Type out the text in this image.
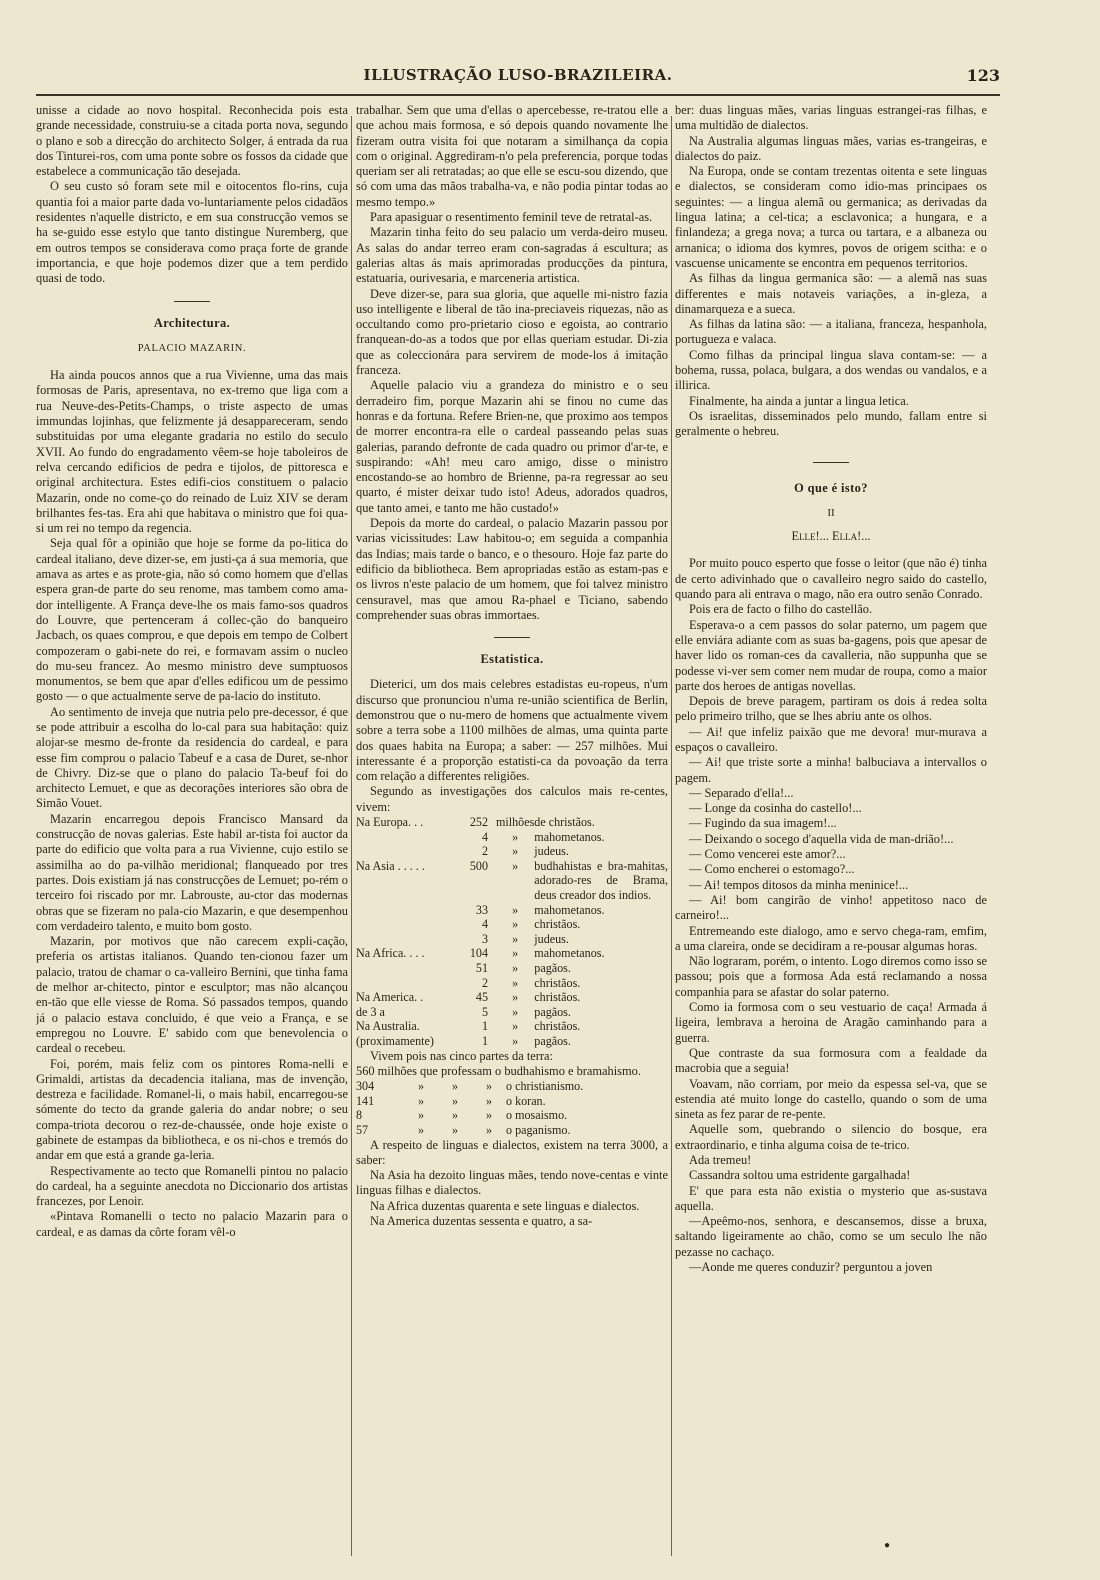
ILLUSTRAÇÃO LUSO-BRAZILEIRA.	123

unisse a cidade ao novo hospital. Reconhecida pois esta grande necessidade, construiu-se a citada porta nova, segundo o plano e sob a direcção do architecto Solger, á entrada da rua dos Tinturei-ros, com uma ponte sobre os fossos da cidade que estabelece a communicação tão desejada.

O seu custo só foram sete mil e oitocentos flo-rins, cuja quantia foi a maior parte dada vo-luntariamente pelos cidadãos residentes n'aquelle districto, e em sua construcção vemos se ha se-guido esse estylo que tanto distingue Nuremberg, que em outros tempos se considerava como praça forte de grande importancia, e que hoje podemos dizer que a tem perdido quasi de todo.

Architectura.
PALACIO MAZARIN.

Ha ainda poucos annos que a rua Vivienne, uma das mais formosas de Paris, apresentava, no ex-tremo que liga com a rua Neuve-des-Petits-Champs, o triste aspecto de umas immundas lojinhas, que felizmente já desappareceram, sendo substituidas por uma elegante gradaria no estilo do seculo XVII. Ao fundo do engradamento vêem-se hoje taboleiros de relva cercando edificios de pedra e tijolos, de pittoresca e original architectura. Estes edifi-cios constituem o palacio Mazarin, onde no come-ço do reinado de Luiz XIV se deram brilhantes fes-tas. Era ahi que habitava o ministro que foi qua-si um rei no tempo da regencia.

Seja qual fôr a opinião que hoje se forme da po-litica do cardeal italiano, deve dizer-se, em justi-ça á sua memoria, que amava as artes e as prote-gia, não só como homem que d'ellas espera gran-de parte do seu renome, mas tambem como ama-dor intelligente. A França deve-lhe os mais famo-sos quadros do Louvre, que pertenceram á collec-ção do banqueiro Jacbach, os quaes comprou, e que depois em tempo de Colbert compozeram o gabi-nete do rei, e formavam assim o nucleo do mu-seu francez. Ao mesmo ministro deve sumptuosos monumentos, se bem que apar d'elles edificou um de pessimo gosto — o que actualmente serve de pa-lacio do instituto.

Ao sentimento de inveja que nutria pelo pre-decessor, é que se pode attribuir a escolha do lo-cal para sua habitação: quiz alojar-se mesmo de-fronte da residencia do cardeal, e para esse fim comprou o palacio Tabeuf e a casa de Duret, se-nhor de Chivry. Diz-se que o plano do palacio Ta-beuf foi do architecto Lemuet, e que as decorações interiores são obra de Simão Vouet.

Mazarin encarregou depois Francisco Mansard da construcção de novas galerias. Este habil ar-tista foi auctor da parte do edificio que volta para a rua Vivienne, cujo estilo se assimilha ao do pa-vilhão meridional; flanqueado por tres partes. Dois existiam já nas construcções de Lemuet; po-rém o terceiro foi riscado por mr. Labrouste, au-ctor das modernas obras que se fizeram no pala-cio Mazarin, e que desempenhou com verdadeiro talento, e muito bom gosto.

Mazarin, por motivos que não carecem expli-cação, preferia os artistas italianos. Quando ten-cionou fazer um palacio, tratou de chamar o ca-valleiro Bernini, que tinha fama de melhor ar-chitecto, pintor e esculptor; mas não alcançou en-tão que elle viesse de Roma. Só passados tempos, quando já o palacio estava concluido, é que veio a França, e se empregou no Louvre. E' sabido com que benevolencia o cardeal o recebeu.

Foi, porém, mais feliz com os pintores Roma-nelli e Grimaldi, artistas da decadencia italiana, mas de invenção, destreza e facilidade. Romanel-li, o mais habil, encarregou-se sómente do tecto da grande galeria do andar nobre; o seu compa-triota decorou o rez-de-chaussée, onde hoje existe o gabinete de estampas da bibliotheca, e os ni-chos e tremós do andar em que está a grande ga-leria.

Respectivamente ao tecto que Romanelli pintou no palacio do cardeal, ha a seguinte anecdota no Diccionario dos artistas francezes, por Lenoir.

«Pintava Romanelli o tecto no palacio Mazarin para o cardeal, e as damas da côrte foram vêl-o

trabalhar. Sem que uma d'ellas o apercebesse, re-tratou elle a que achou mais formosa, e só depois quando novamente lhe fizeram outra visita foi que notaram a similhança da copia com o original. Aggrediram-n'o pela preferencia, porque todas queriam ser ali retratadas; ao que elle se escu-sou dizendo, que só com uma das mãos trabalha-va, e não podia pintar todas ao mesmo tempo.»

Para apasiguar o resentimento feminil teve de retratal-as.

Mazarin tinha feito do seu palacio um verda-deiro museu. As salas do andar terreo eram con-sagradas á escultura; as galerias altas ás mais aprimoradas producções da pintura, estatuaria, ourivesaria, e marceneria artistica.

Deve dizer-se, para sua gloria, que aquelle mi-nistro fazia uso intelligente e liberal de tão ina-preciaveis riquezas, não as occultando como pro-prietario cioso e egoista, ao contrario franquean-do-as a todos que por ellas queriam estudar. Di-zia que as coleccionára para servirem de mode-los á imitação franceza.

Aquelle palacio viu a grandeza do ministro e o seu derradeiro fim, porque Mazarin ahi se finou no cume das honras e da fortuna. Refere Brien-ne, que proximo aos tempos de morrer encontra-ra elle o cardeal passeando pelas suas galerias, parando defronte de cada quadro ou primor d'ar-te, e suspirando: «Ah! meu caro amigo, disse o ministro encostando-se ao hombro de Brienne, pa-ra regressar ao seu quarto, é mister deixar tudo isto! Adeus, adorados quadros, que tanto amei, e tanto me hão custado!»

Depois da morte do cardeal, o palacio Mazarin passou por varias vicissitudes: Law habitou-o; em seguida a companhia das Indias; mais tarde o banco, e o thesouro. Hoje faz parte do edificio da bibliotheca. Bem apropriadas estão as estam-pas e os livros n'este palacio de um homem, que foi talvez ministro censuravel, mas que amou Ra-phael e Ticiano, sabendo comprehender suas obras immortaes.

Estatistica.

Dieterici, um dos mais celebres estadistas eu-ropeus, n'um discurso que pronunciou n'uma re-união scientifica de Berlin, demonstrou que o nu-mero de homens que actualmente vivem sobre a terra sobe a 1100 milhões de almas, uma quinta parte dos quaes habita na Europa; a saber: — 257 milhões. Mui interessante é a proporção estatisti-ca da povoação da terra com relação a differentes religiões.

Segundo as investigações dos calculos mais re-centes, vivem:

Na Europa. . .	252	milhões	de christãos.
	4	»	mahometanos.
	2	»	judeus.
Na Asia . . . . .	500	»	budhahistas e bra-mahitas, adorado-res de Brama, deus creador dos indios.
	33	»	mahometanos.
	4	»	christãos.
	3	»	judeus.
Na Africa. . . .	104	»	mahometanos.
	51	»	pagãos.
	2	»	christãos.
Na America. .	45	»	christãos.
de 3 a	5	»	pagãos.
Na Australia.	1	»	christãos.
(proximamente)	1	»	pagãos.

Vivem pois nas cinco partes da terra:

560 milhões que professam o budhahismo e bramahismo.

304	»	»	»	o christianismo.
141	»	»	»	o koran.
8	»	»	»	o mosaismo.
57	»	»	»	o paganismo.

A respeito de linguas e dialectos, existem na terra 3000, a saber:

Na Asia ha dezoito linguas mães, tendo nove-centas e vinte linguas filhas e dialectos.

Na Africa duzentas quarenta e sete linguas e dialectos.

Na America duzentas sessenta e quatro, a sa-

ber: duas linguas mães, varias linguas estrangei-ras filhas, e uma multidão de dialectos.

Na Australia algumas linguas mães, varias es-trangeiras, e dialectos do paiz.

Na Europa, onde se contam trezentas oitenta e sete linguas e dialectos, se consideram como idio-mas principaes os seguintes: — a lingua alemã ou germanica; as derivadas da lingua latina; a cel-tica; a esclavonica; a hungara, e a finlandeza; a grega nova; a turca ou tartara, e a albaneza ou arnanica; o idioma dos kymres, povos de origem scitha: e o vascuense unicamente se encontra em pequenos territorios.

As filhas da lingua germanica são: — a alemã nas suas differentes e mais notaveis variações, a in-gleza, a dinamarqueza e a sueca.

As filhas da latina são: — a italiana, franceza, hespanhola, portugueza e valaca.

Como filhas da principal lingua slava contam-se: — a bohema, russa, polaca, bulgara, a dos wendas ou vandalos, e a illirica.

Finalmente, ha ainda a juntar a lingua letica.

Os israelitas, disseminados pelo mundo, fallam entre si geralmente o hebreu.

O que é isto?
II
Elle!... Ella!...

Por muito pouco esperto que fosse o leitor (que não é) tinha de certo adivinhado que o cavalleiro negro saido do castello, quando para ali entrava o mago, não era outro senão Conrado.

Pois era de facto o filho do castellão.

Esperava-o a cem passos do solar paterno, um pagem que elle enviára adiante com as suas ba-gagens, pois que apesar de haver lido os roman-ces da cavalleria, não suppunha que se podesse vi-ver sem comer nem mudar de roupa, como a maior parte dos heroes de antigas novellas.

Depois de breve paragem, partiram os dois á redea solta pelo primeiro trilho, que se lhes abriu ante os olhos.

— Ai! que infeliz paixão que me devora! mur-murava a espaços o cavalleiro.

— Ai! que triste sorte a minha! balbuciava a intervallos o pagem.

— Separado d'ella!...

— Longe da cosinha do castello!...

— Fugindo da sua imagem!...

— Deixando o socego d'aquella vida de man-drião!...

— Como vencerei este amor?...

— Como encherei o estomago?...

— Ai! tempos ditosos da minha meninice!...

— Ai! bom cangirão de vinho! appetitoso naco de carneiro!...

Entremeando este dialogo, amo e servo chega-ram, emfim, a uma clareira, onde se decidiram a re-pousar algumas horas.

Não lograram, porém, o intento. Logo diremos como isso se passou; pois que a formosa Ada está reclamando a nossa companhia para se afastar do solar paterno.

Como ia formosa com o seu vestuario de caça! Armada á ligeira, lembrava a heroina de Aragão caminhando para a guerra.

Que contraste da sua formosura com a fealdade da macrobia que a seguia!

Voavam, não corriam, por meio da espessa sel-va, que se estendia até muito longe do castello, quando o som de uma sineta as fez parar de re-pente.

Aquelle som, quebrando o silencio do bosque, era extraordinario, e tinha alguma coisa de te-trico.

Ada tremeu!

Cassandra soltou uma estridente gargalhada!

E' que para esta não existia o mysterio que as-sustava aquella.

—Apeêmo-nos, senhora, e descansemos, disse a bruxa, saltando ligeiramente ao chão, como se um seculo lhe não pezasse no cachaço.

—Aonde me queres conduzir? perguntou a joven

●
